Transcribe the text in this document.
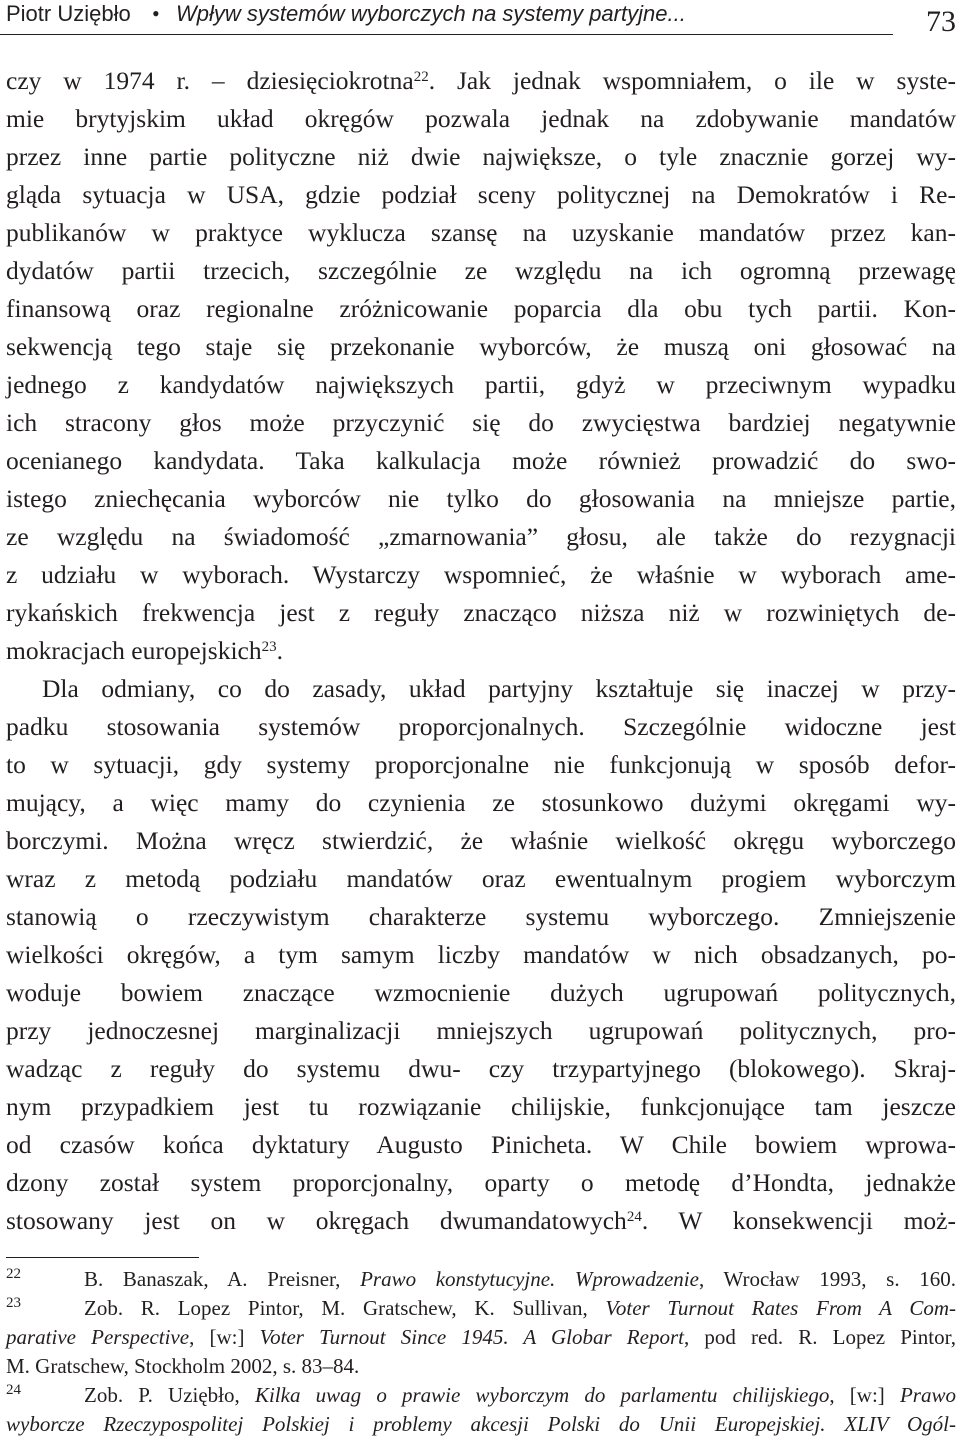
Piotr Uziębło • Wpływ systemów wyborczych na systemy partyjne...	73
czy w 1974 r. – dziesięciokrotna$^{22}$. Jak jednak wspomniałem, o ile w syste-
mie brytyjskim układ okręgów pozwala jednak na zdobywanie mandatów
przez inne partie polityczne niż dwie największe, o tyle znacznie gorzej wy-
gląda sytuacja w USA, gdzie podział sceny politycznej na Demokratów i Re-
publikanów w praktyce wyklucza szansę na uzyskanie mandatów przez kan-
dydatów partii trzecich, szczególnie ze względu na ich ogromną przewagę
finansową oraz regionalne zróżnicowanie poparcia dla obu tych partii. Kon-
sekwencją tego staje się przekonanie wyborców, że muszą oni głosować na
jednego z kandydatów największych partii, gdyż w przeciwnym wypadku
ich stracony głos może przyczynić się do zwycięstwa bardziej negatywnie
ocenianego kandydata. Taka kalkulacja może również prowadzić do swo-
istego zniechęcania wyborców nie tylko do głosowania na mniejsze partie,
ze względu na świadomość „zmarnowania” głosu, ale także do rezygnacji
z udziału w wyborach. Wystarczy wspomnieć, że właśnie w wyborach ame-
rykańskich frekwencja jest z reguły znacząco niższa niż w rozwiniętych de-
mokracjach europejskich$^{23}$.
Dla odmiany, co do zasady, układ partyjny kształtuje się inaczej w przy-
padku stosowania systemów proporcjonalnych. Szczególnie widoczne jest
to w sytuacji, gdy systemy proporcjonalne nie funkcjonują w sposób defor-
mujący, a więc mamy do czynienia ze stosunkowo dużymi okręgami wy-
borczymi. Można wręcz stwierdzić, że właśnie wielkość okręgu wyborczego
wraz z metodą podziału mandatów oraz ewentualnym progiem wyborczym
stanowią o rzeczywistym charakterze systemu wyborczego. Zmniejszenie
wielkości okręgów, a tym samym liczby mandatów w nich obsadzanych, po-
woduje bowiem znaczące wzmocnienie dużych ugrupowań politycznych,
przy jednoczesnej marginalizacji mniejszych ugrupowań politycznych, pro-
wadząc z reguły do systemu dwu- czy trzypartyjnego (blokowego). Skraj-
nym przypadkiem jest tu rozwiązanie chilijskie, funkcjonujące tam jeszcze
od czasów końca dyktatury Augusto Pinicheta. W Chile bowiem wprowa-
dzony został system proporcjonalny, oparty o metodę d’Hondta, jednakże
stosowany jest on w okręgach dwumandatowych$^{24}$. W konsekwencji moż-
22	B. Banaszak, A. Preisner, Prawo konstytucyjne. Wprowadzenie, Wrocław 1993, s. 160.
23	Zob. R. Lopez Pintor, M. Gratschew, K. Sullivan, Voter Turnout Rates From A Com-
parative Perspective, [w:] Voter Turnout Since 1945. A Globar Report, pod red. R. Lopez Pintor,
M. Gratschew, Stockholm 2002, s. 83–84.
24	Zob. P. Uziębło, Kilka uwag o prawie wyborczym do parlamentu chilijskiego, [w:] Prawo
wyborcze Rzeczypospolitej Polskiej i problemy akcesji Polski do Unii Europejskiej. XLIV Ogól-
